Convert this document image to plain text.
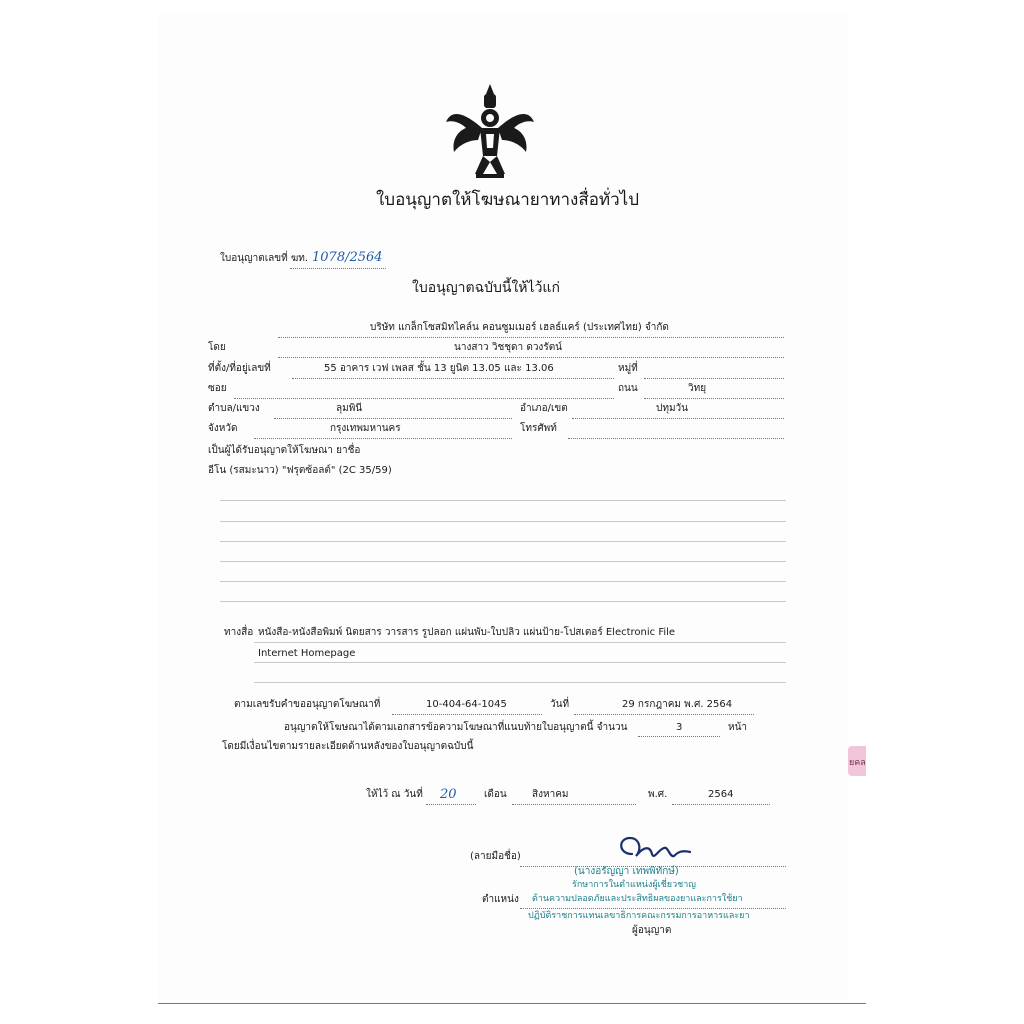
ใบอนุญาตให้โฆษณายาทางสื่อทั่วไป
ใบอนุญาตเลขที่ ฆท. 1078/2564
ใบอนุญาตฉบับนี้ให้ไว้แก่
บริษัท แกล็กโซสมิทไคล์น คอนซูมเมอร์ เฮลธ์แคร์ (ประเทศไทย) จำกัด
โดย	นางสาว วิชชุดา ดวงรัตน์
ที่ตั้ง/ที่อยู่เลขที่	55 อาคาร เวฟ เพลส ชั้น 13 ยูนิต 13.05 และ 13.06	หมู่ที่
ซอย	ถนน	วิทยุ
ตำบล/แขวง	ลุมพินี	อำเภอ/เขต	ปทุมวัน
จังหวัด	กรุงเทพมหานคร	โทรศัพท์
เป็นผู้ได้รับอนุญาตให้โฆษณา ยาชื่อ
อีโน (รสมะนาว) "ฟรุตซ้อลต์" (2C 35/59)
ทางสื่อ หนังสือ-หนังสือพิมพ์ นิตยสาร วารสาร รูปลอก แผ่นพับ-ใบปลิว แผ่นป้าย-โปสเตอร์ Electronic File
Internet Homepage
ตามเลขรับคำขออนุญาตโฆษณาที่	10-404-64-1045	วันที่	29 กรกฎาคม พ.ศ. 2564
อนุญาตให้โฆษณาได้ตามเอกสารข้อความโฆษณาที่แนบท้ายใบอนุญาตนี้ จำนวน	3	หน้า
โดยมีเงื่อนไขตามรายละเอียดด้านหลังของใบอนุญาตฉบับนี้
ให้ไว้ ณ วันที่ 20	เดือน	สิงหาคม	พ.ศ.	2564
(ลายมือชื่อ)
(นางอรัญญา เทพพิทักษ์)
รักษาการในตำแหน่งผู้เชี่ยวชาญ
ตำแหน่ง ด้านความปลอดภัยและประสิทธิผลของยาและการใช้ยา
ปฏิบัติราชการแทนเลขาธิการคณะกรรมการอาหารและยา
ผู้อนุญาต
ยคล
